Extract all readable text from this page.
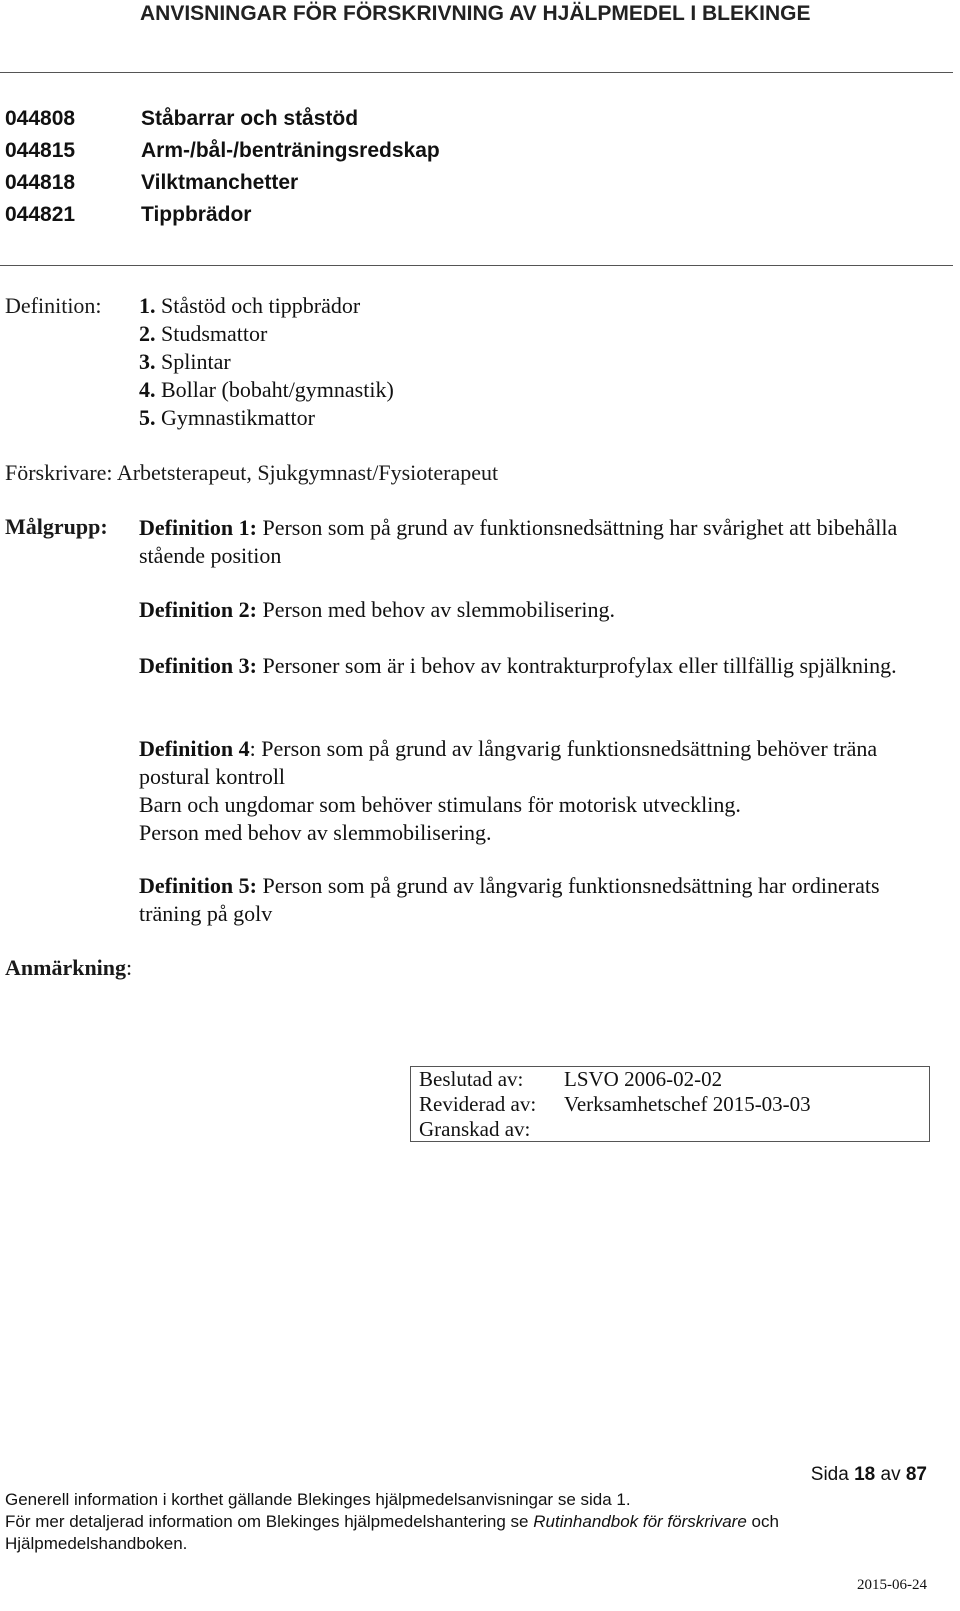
ANVISNINGAR FÖR FÖRSKRIVNING AV HJÄLPMEDEL I BLEKINGE
044808	Ståbarrar och ståstöd
044815	Arm-/bål-/benträningsredskap
044818	Vilktmanchetter
044821	Tippbrädor
Definition: 1. Ståstöd och tippbrädor
2. Studsmattor
3. Splintar
4. Bollar (bobaht/gymnastik)
5. Gymnastikmattor
Förskrivare: Arbetsterapeut, Sjukgymnast/Fysioterapeut
Målgrupp: Definition 1: Person som på grund av funktionsnedsättning har svårighet att bibehålla stående position

Definition 2: Person med behov av slemmobilisering.

Definition 3: Personer som är i behov av kontrakturprofylax eller tillfällig spjälkning.

Definition 4: Person som på grund av långvarig funktionsnedsättning behöver träna postural kontroll

Barn och ungdomar som behöver stimulans för motorisk utveckling.

Person med behov av slemmobilisering.

Definition 5: Person som på grund av långvarig funktionsnedsättning har ordinerats träning på golv

Anmärkning:
Beslutad av:	LSVO 2006-02-02
Reviderad av:	Verksamhetschef 2015-03-03
Granskad av:
Sida 18 av 87
Generell information i korthet gällande Blekinges hjälpmedelsanvisningar se sida 1.
För mer detaljerad information om Blekinges hjälpmedelshantering se Rutinhandbok för förskrivare och
Hjälpmedelshandboken.
2015-06-24
